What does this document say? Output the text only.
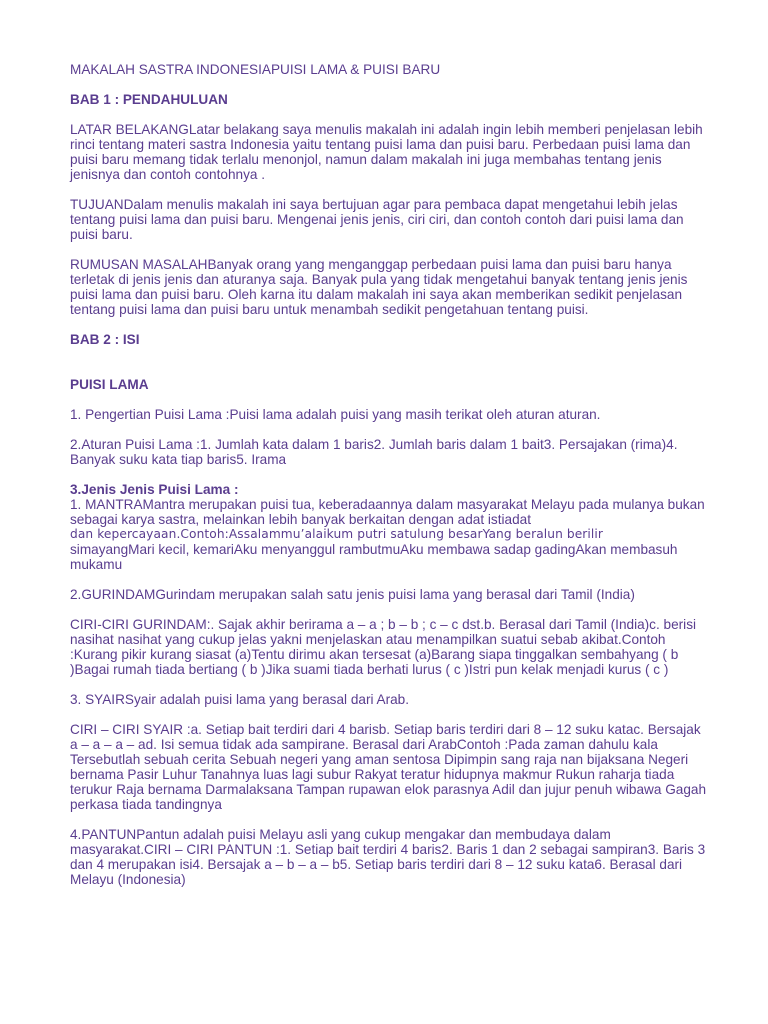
MAKALAH SASTRA INDONESIAPUISI LAMA & PUISI BARU

BAB 1 : PENDAHULUAN

LATAR BELAKANGLatar belakang saya menulis makalah ini adalah ingin lebih memberi penjelasan lebih rinci tentang materi sastra Indonesia yaitu tentang puisi lama dan puisi baru. Perbedaan puisi lama dan puisi baru memang tidak terlalu menonjol, namun dalam makalah ini juga membahas tentang jenis jenisnya dan contoh contohnya .

TUJUANDalam menulis makalah ini saya bertujuan agar para pembaca dapat mengetahui lebih jelas tentang puisi lama dan puisi baru. Mengenai jenis jenis, ciri ciri, dan contoh contoh dari puisi lama dan puisi baru.

RUMUSAN MASALAHBanyak orang yang menganggap perbedaan puisi lama dan puisi baru hanya terletak di jenis jenis dan aturanya saja. Banyak pula yang tidak mengetahui banyak tentang jenis jenis puisi lama dan puisi baru. Oleh karna itu dalam makalah ini saya akan memberikan sedikit penjelasan tentang puisi lama dan puisi baru untuk menambah sedikit pengetahuan tentang puisi.

BAB 2 : ISI

PUISI LAMA

1. Pengertian Puisi Lama :Puisi lama adalah puisi yang masih terikat oleh aturan aturan.

2.Aturan Puisi Lama :1. Jumlah kata dalam 1 baris2. Jumlah baris dalam 1 bait3. Persajakan (rima)4. Banyak suku kata tiap baris5. Irama

3.Jenis Jenis Puisi Lama :

1. MANTRAMantra merupakan puisi tua, keberadaannya dalam masyarakat Melayu pada mulanya bukan sebagai karya sastra, melainkan lebih banyak berkaitan dengan adat istiadat

dan kepercayaan.Contoh:Assalammu’alaikum putri satulung besarYang beralun berilir

simayangMari kecil, kemariAku menyanggul rambutmuAku membawa sadap gadingAkan membasuh mukamu

2.GURINDAMGurindam merupakan salah satu jenis puisi lama yang berasal dari Tamil (India)

CIRI-CIRI GURINDAM:. Sajak akhir berirama a – a ; b – b ; c – c dst.b. Berasal dari Tamil (India)c. berisi nasihat nasihat yang cukup jelas yakni menjelaskan atau menampilkan suatui sebab akibat.Contoh :Kurang pikir kurang siasat (a)Tentu dirimu akan tersesat (a)Barang siapa tinggalkan sembahyang ( b )Bagai rumah tiada bertiang ( b )Jika suami tiada berhati lurus ( c )Istri pun kelak menjadi kurus ( c )

3. SYAIRSyair adalah puisi lama yang berasal dari Arab.

CIRI – CIRI SYAIR :a. Setiap bait terdiri dari 4 barisb. Setiap baris terdiri dari 8 – 12 suku katac. Bersajak a – a – a – ad. Isi semua tidak ada sampirane. Berasal dari ArabContoh :Pada zaman dahulu kala Tersebutlah sebuah cerita Sebuah negeri yang aman sentosa Dipimpin sang raja nan bijaksana Negeri bernama Pasir Luhur Tanahnya luas lagi subur Rakyat teratur hidupnya makmur Rukun raharja tiada terukur Raja bernama Darmalaksana Tampan rupawan elok parasnya Adil dan jujur penuh wibawa Gagah perkasa tiada tandingnya

4.PANTUNPantun adalah puisi Melayu asli yang cukup mengakar dan membudaya dalam masyarakat.CIRI – CIRI PANTUN :1. Setiap bait terdiri 4 baris2. Baris 1 dan 2 sebagai sampiran3. Baris 3 dan 4 merupakan isi4. Bersajak a – b – a – b5. Setiap baris terdiri dari 8 – 12 suku kata6. Berasal dari Melayu (Indonesia)
